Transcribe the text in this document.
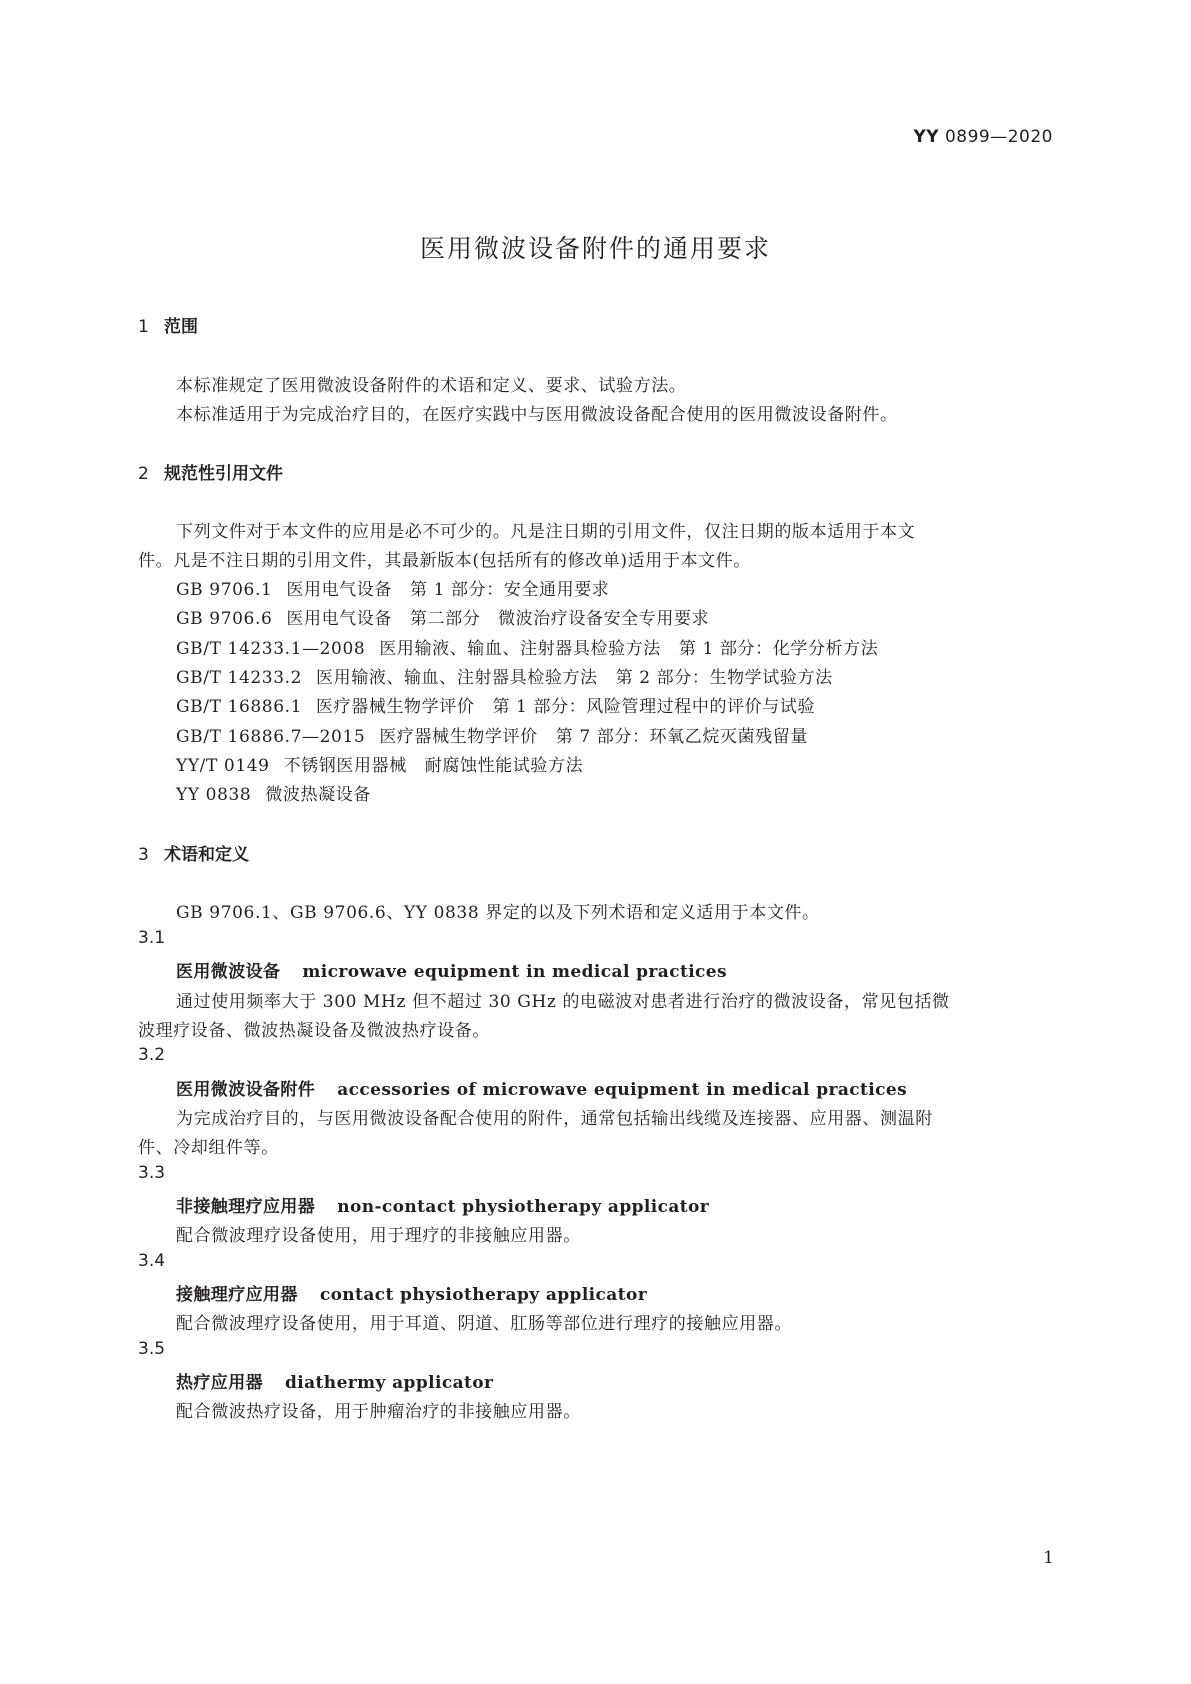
YY 0899—2020
医用微波设备附件的通用要求
1 范围
本标准规定了医用微波设备附件的术语和定义、要求、试验方法。
本标准适用于为完成治疗目的，在医疗实践中与医用微波设备配合使用的医用微波设备附件。
2 规范性引用文件
下列文件对于本文件的应用是必不可少的。凡是注日期的引用文件，仅注日期的版本适用于本文
件。凡是不注日期的引用文件，其最新版本(包括所有的修改单)适用于本文件。
GB 9706.1 医用电气设备 第 1 部分：安全通用要求
GB 9706.6 医用电气设备 第二部分　微波治疗设备安全专用要求
GB/T 14233.1—2008 医用输液、输血、注射器具检验方法 第 1 部分：化学分析方法
GB/T 14233.2 医用输液、输血、注射器具检验方法 第 2 部分：生物学试验方法
GB/T 16886.1 医疗器械生物学评价 第 1 部分：风险管理过程中的评价与试验
GB/T 16886.7—2015 医疗器械生物学评价 第 7 部分：环氧乙烷灭菌残留量
YY/T 0149 不锈钢医用器械 耐腐蚀性能试验方法
YY 0838 微波热凝设备
3 术语和定义
GB 9706.1、GB 9706.6、YY 0838 界定的以及下列术语和定义适用于本文件。
3.1
医用微波设备 microwave equipment in medical practices
通过使用频率大于 300 MHz 但不超过 30 GHz 的电磁波对患者进行治疗的微波设备，常见包括微
波理疗设备、微波热凝设备及微波热疗设备。
3.2
医用微波设备附件 accessories of microwave equipment in medical practices
为完成治疗目的，与医用微波设备配合使用的附件，通常包括输出线缆及连接器、应用器、测温附
件、冷却组件等。
3.3
非接触理疗应用器 non-contact physiotherapy applicator
配合微波理疗设备使用，用于理疗的非接触应用器。
3.4
接触理疗应用器 contact physiotherapy applicator
配合微波理疗设备使用，用于耳道、阴道、肛肠等部位进行理疗的接触应用器。
3.5
热疗应用器 diathermy applicator
配合微波热疗设备，用于肿瘤治疗的非接触应用器。
1
